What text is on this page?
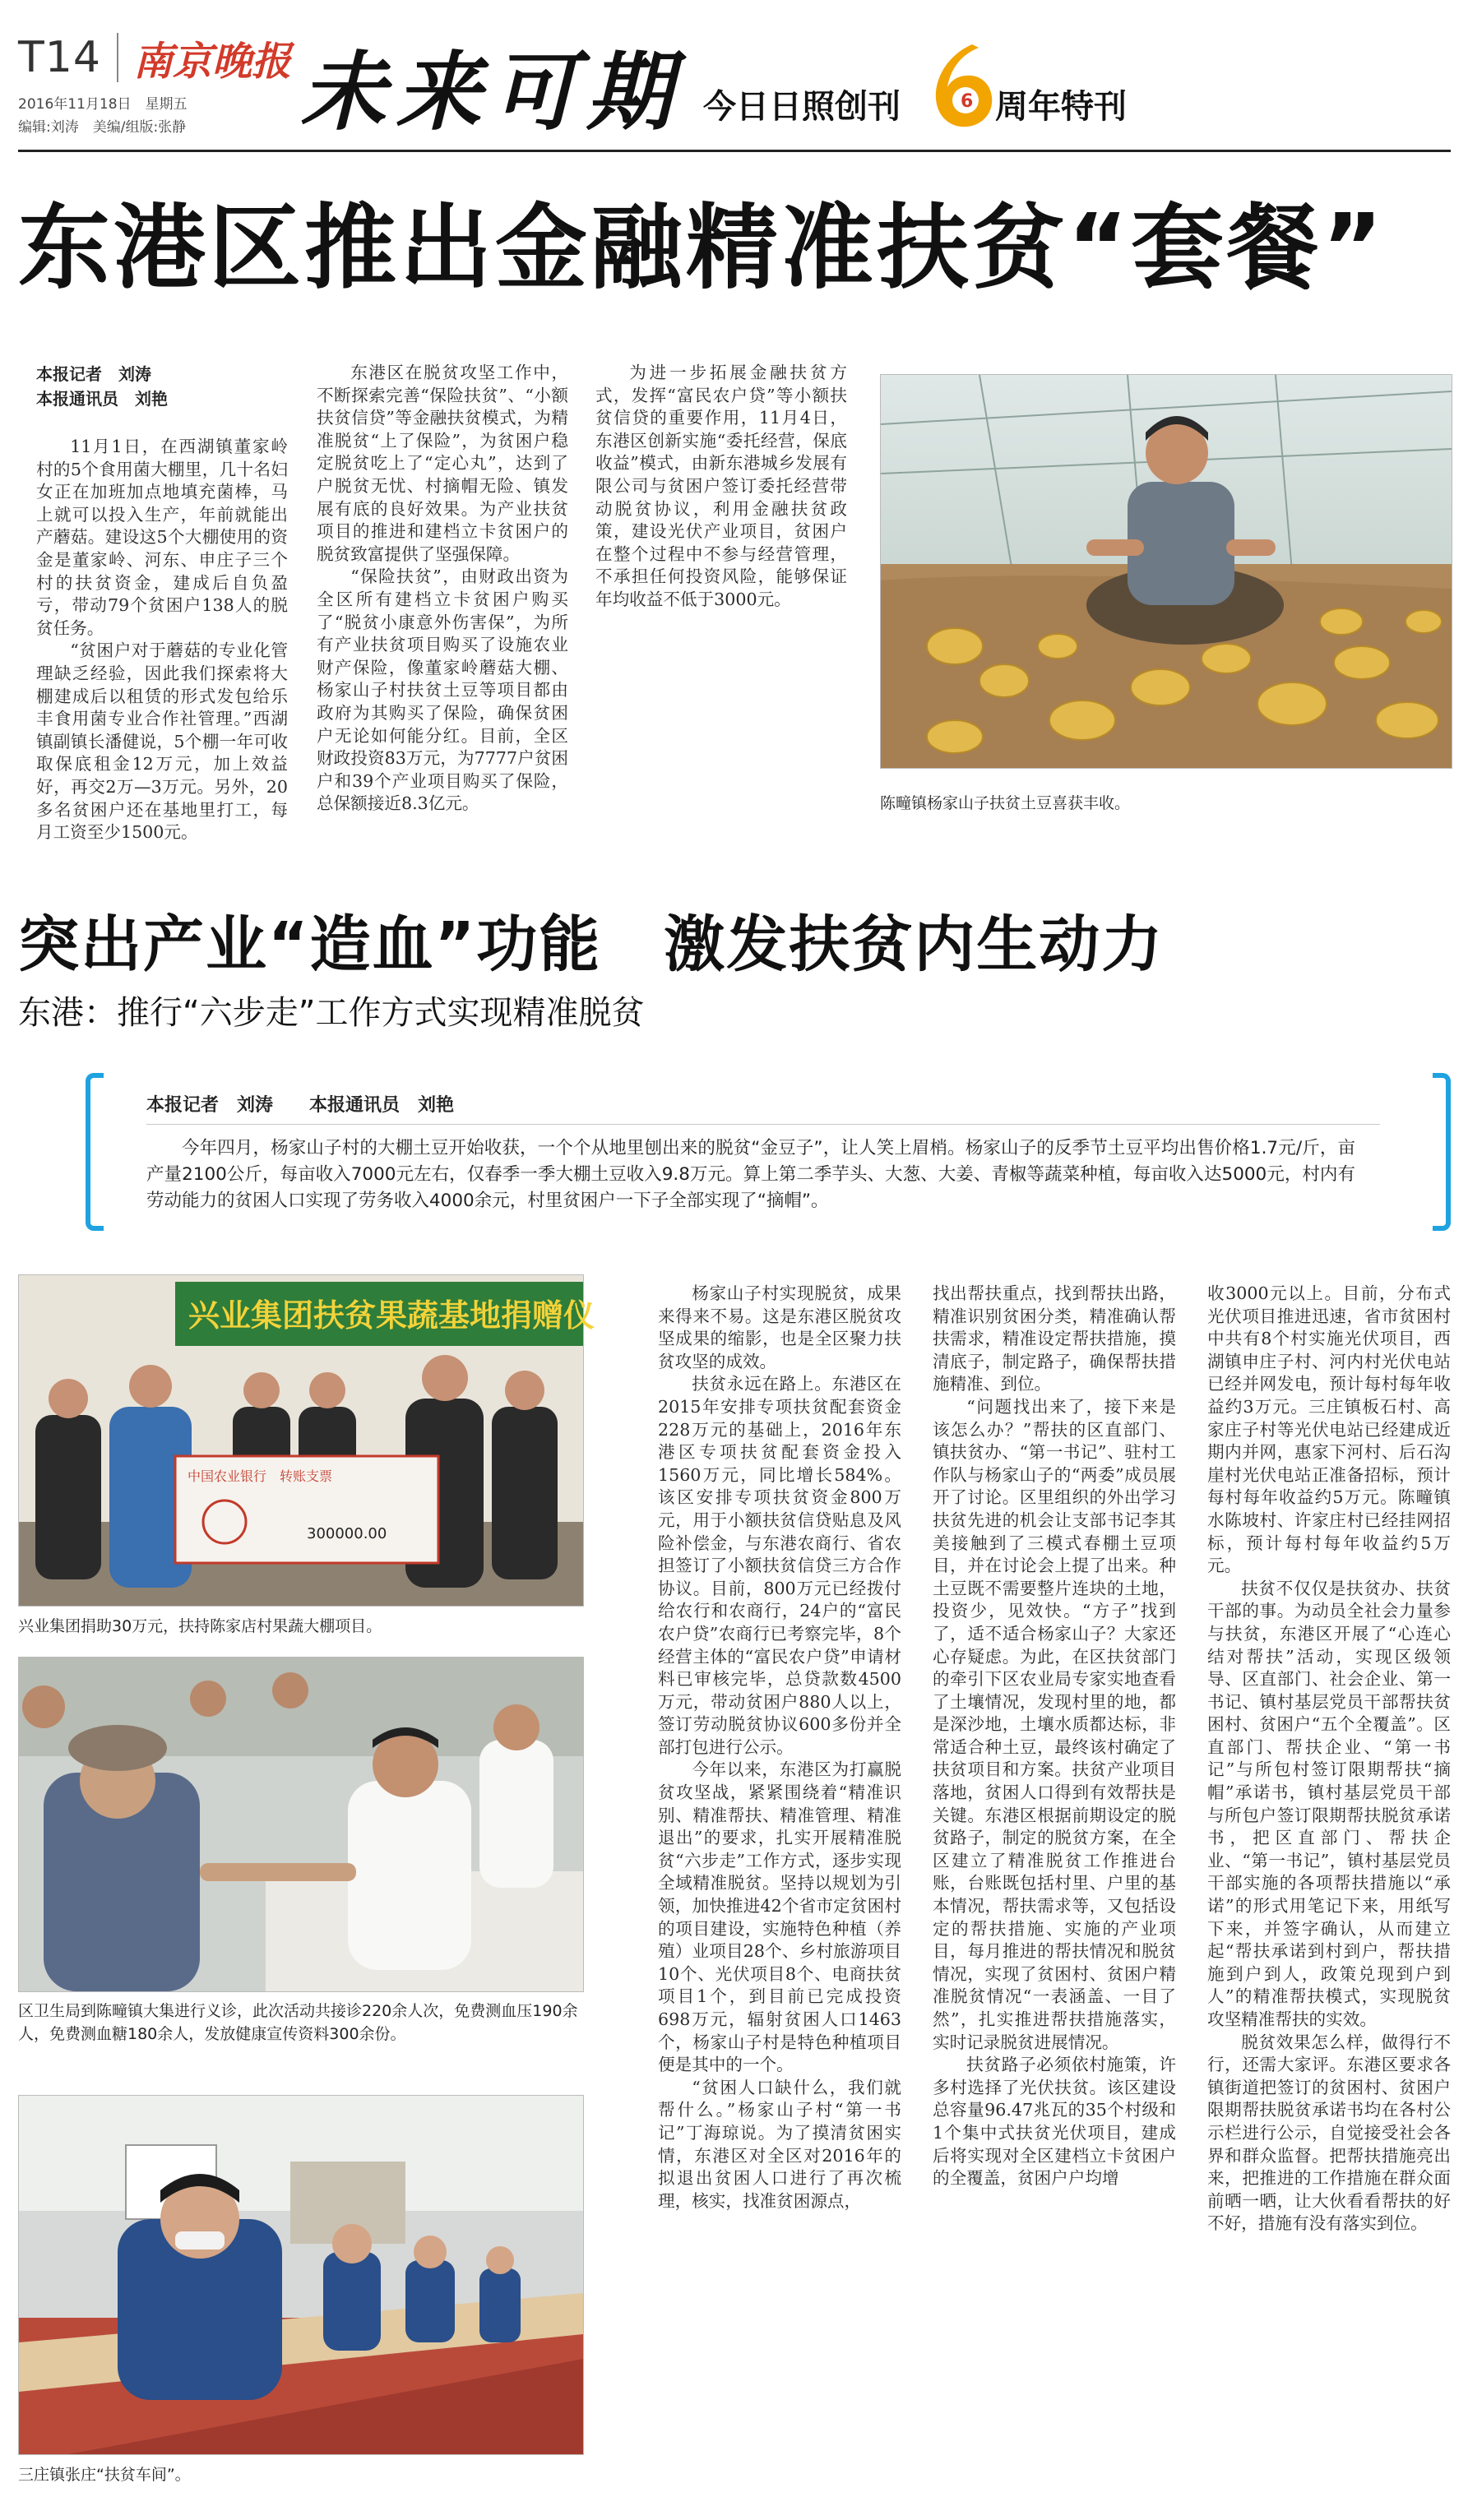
T14 南京晚报
2016年11月18日　星期五
编辑:刘涛　美编/组版:张静 未来可期 今日日照创刊	6 周年特刊
东港区推出金融精准扶贫“套餐”
本报记者　刘涛
本报通讯员　刘艳

11月1日，在西湖镇董家岭村的5个食用菌大棚里，几十名妇女正在加班加点地填充菌棒，马上就可以投入生产，年前就能出产蘑菇。建设这5个大棚使用的资金是董家岭、河东、申庄子三个村的扶贫资金，建成后自负盈亏，带动79个贫困户138人的脱贫任务。

“贫困户对于蘑菇的专业化管理缺乏经验，因此我们探索将大棚建成后以租赁的形式发包给乐丰食用菌专业合作社管理。”西湖镇副镇长潘健说，5个棚一年可收取保底租金12万元，加上效益好，再交2万—3万元。另外，20多名贫困户还在基地里打工，每月工资至少1500元。

东港区在脱贫攻坚工作中，不断探索完善“保险扶贫”、“小额扶贫信贷”等金融扶贫模式，为精准脱贫“上了保险”，为贫困户稳定脱贫吃上了“定心丸”，达到了户脱贫无忧、村摘帽无险、镇发展有底的良好效果。为产业扶贫项目的推进和建档立卡贫困户的脱贫致富提供了坚强保障。

“保险扶贫”，由财政出资为全区所有建档立卡贫困户购买了“脱贫小康意外伤害保”，为所有产业扶贫项目购买了设施农业财产保险，像董家岭蘑菇大棚、杨家山子村扶贫土豆等项目都由政府为其购买了保险，确保贫困户无论如何能分红。目前，全区财政投资83万元，为7777户贫困户和39个产业项目购买了保险，总保额接近8.3亿元。

为进一步拓展金融扶贫方式，发挥“富民农户贷”等小额扶贫信贷的重要作用，11月4日，东港区创新实施“委托经营，保底收益”模式，由新东港城乡发展有限公司与贫困户签订委托经营带动脱贫协议，利用金融扶贫政策，建设光伏产业项目，贫困户在整个过程中不参与经营管理，不承担任何投资风险，能够保证年均收益不低于3000元。

陈疃镇杨家山子扶贫土豆喜获丰收。
突出产业“造血”功能　激发扶贫内生动力
东港：推行“六步走”工作方式实现精准脱贫
本报记者　刘涛　　本报通讯员　刘艳
今年四月，杨家山子村的大棚土豆开始收获，一个个从地里刨出来的脱贫“金豆子”，让人笑上眉梢。杨家山子的反季节土豆平均出售价格1.7元/斤，亩产量2100公斤，每亩收入7000元左右，仅春季一季大棚土豆收入9.8万元。算上第二季芋头、大葱、大姜、青椒等蔬菜种植，每亩收入达5000元，村内有劳动能力的贫困人口实现了劳务收入4000余元，村里贫困户一下子全部实现了“摘帽”。
兴业集团扶贫果蔬基地捐赠仪
中国农业银行　转账支票
300000.00
兴业集团捐助30万元，扶持陈家店村果蔬大棚项目。
区卫生局到陈疃镇大集进行义诊，此次活动共接诊220余人次，免费测血压190余人，免费测血糖180余人，发放健康宣传资料300余份。
三庄镇张庄“扶贫车间”。

杨家山子村实现脱贫，成果来得来不易。这是东港区脱贫攻坚成果的缩影，也是全区聚力扶贫攻坚的成效。

扶贫永远在路上。东港区在2015年安排专项扶贫配套资金228万元的基础上，2016年东港区专项扶贫配套资金投入1560万元，同比增长584%。该区安排专项扶贫资金800万元，用于小额扶贫信贷贴息及风险补偿金，与东港农商行、省农担签订了小额扶贫信贷三方合作协议。目前，800万元已经拨付给农行和农商行，24户的“富民农户贷”农商行已考察完毕，8个经营主体的“富民农户贷”申请材料已审核完毕，总贷款数4500万元，带动贫困户880人以上，签订劳动脱贫协议600多份并全部打包进行公示。

今年以来，东港区为打赢脱贫攻坚战，紧紧围绕着“精准识别、精准帮扶、精准管理、精准退出”的要求，扎实开展精准脱贫“六步走”工作方式，逐步实现全域精准脱贫。坚持以规划为引领，加快推进42个省市定贫困村的项目建设，实施特色种植（养殖）业项目28个、乡村旅游项目10个、光伏项目8个、电商扶贫项目1个，到目前已完成投资698万元，辐射贫困人口1463个，杨家山子村是特色种植项目便是其中的一个。

“贫困人口缺什么，我们就帮什么。”杨家山子村“第一书记”丁海琼说。为了摸清贫困实情，东港区对全区对2016年的拟退出贫困人口进行了再次梳理，核实，找准贫困源点，

找出帮扶重点，找到帮扶出路，精准识别贫困分类，精准确认帮扶需求，精准设定帮扶措施，摸清底子，制定路子，确保帮扶措施精准、到位。

“问题找出来了，接下来是该怎么办？”帮扶的区直部门、镇扶贫办、“第一书记”、驻村工作队与杨家山子的“两委”成员展开了讨论。区里组织的外出学习扶贫先进的机会让支部书记李其美接触到了三模式春棚土豆项目，并在讨论会上提了出来。种土豆既不需要整片连块的土地，投资少，见效快。“方子”找到了，适不适合杨家山子？大家还心存疑虑。为此，在区扶贫部门的牵引下区农业局专家实地查看了土壤情况，发现村里的地，都是深沙地，土壤水质都达标，非常适合种土豆，最终该村确定了扶贫项目和方案。扶贫产业项目落地，贫困人口得到有效帮扶是关键。东港区根据前期设定的脱贫路子，制定的脱贫方案，在全区建立了精准脱贫工作推进台账，台账既包括村里、户里的基本情况，帮扶需求等，又包括设定的帮扶措施、实施的产业项目，每月推进的帮扶情况和脱贫情况，实现了贫困村、贫困户精准脱贫情况“一表涵盖、一目了然”，扎实推进帮扶措施落实，实时记录脱贫进展情况。

扶贫路子必须依村施策，许多村选择了光伏扶贫。该区建设总容量96.47兆瓦的35个村级和1个集中式扶贫光伏项目，建成后将实现对全区建档立卡贫困户的全覆盖，贫困户户均增

收3000元以上。目前，分布式光伏项目推进迅速，省市贫困村中共有8个村实施光伏项目，西湖镇申庄子村、河内村光伏电站已经并网发电，预计每村每年收益约3万元。三庄镇板石村、高家庄子村等光伏电站已经建成近期内并网，惠家下河村、后石沟崖村光伏电站正准备招标，预计每村每年收益约5万元。陈疃镇水陈坡村、许家庄村已经挂网招标，预计每村每年收益约5万元。

扶贫不仅仅是扶贫办、扶贫干部的事。为动员全社会力量参与扶贫，东港区开展了“心连心结对帮扶”活动，实现区级领导、区直部门、社会企业、第一书记、镇村基层党员干部帮扶贫困村、贫困户“五个全覆盖”。区直部门、帮扶企业、“第一书记”与所包村签订限期帮扶“摘帽”承诺书，镇村基层党员干部与所包户签订限期帮扶脱贫承诺书，把区直部门、帮扶企业、“第一书记”，镇村基层党员干部实施的各项帮扶措施以“承诺”的形式用笔记下来，用纸写下来，并签字确认，从而建立起“帮扶承诺到村到户，帮扶措施到户到人，政策兑现到户到人”的精准帮扶模式，实现脱贫攻坚精准帮扶的实效。

脱贫效果怎么样，做得行不行，还需大家评。东港区要求各镇街道把签订的贫困村、贫困户限期帮扶脱贫承诺书均在各村公示栏进行公示，自觉接受社会各界和群众监督。把帮扶措施亮出来，把推进的工作措施在群众面前晒一晒，让大伙看看帮扶的好不好，措施有没有落实到位。
